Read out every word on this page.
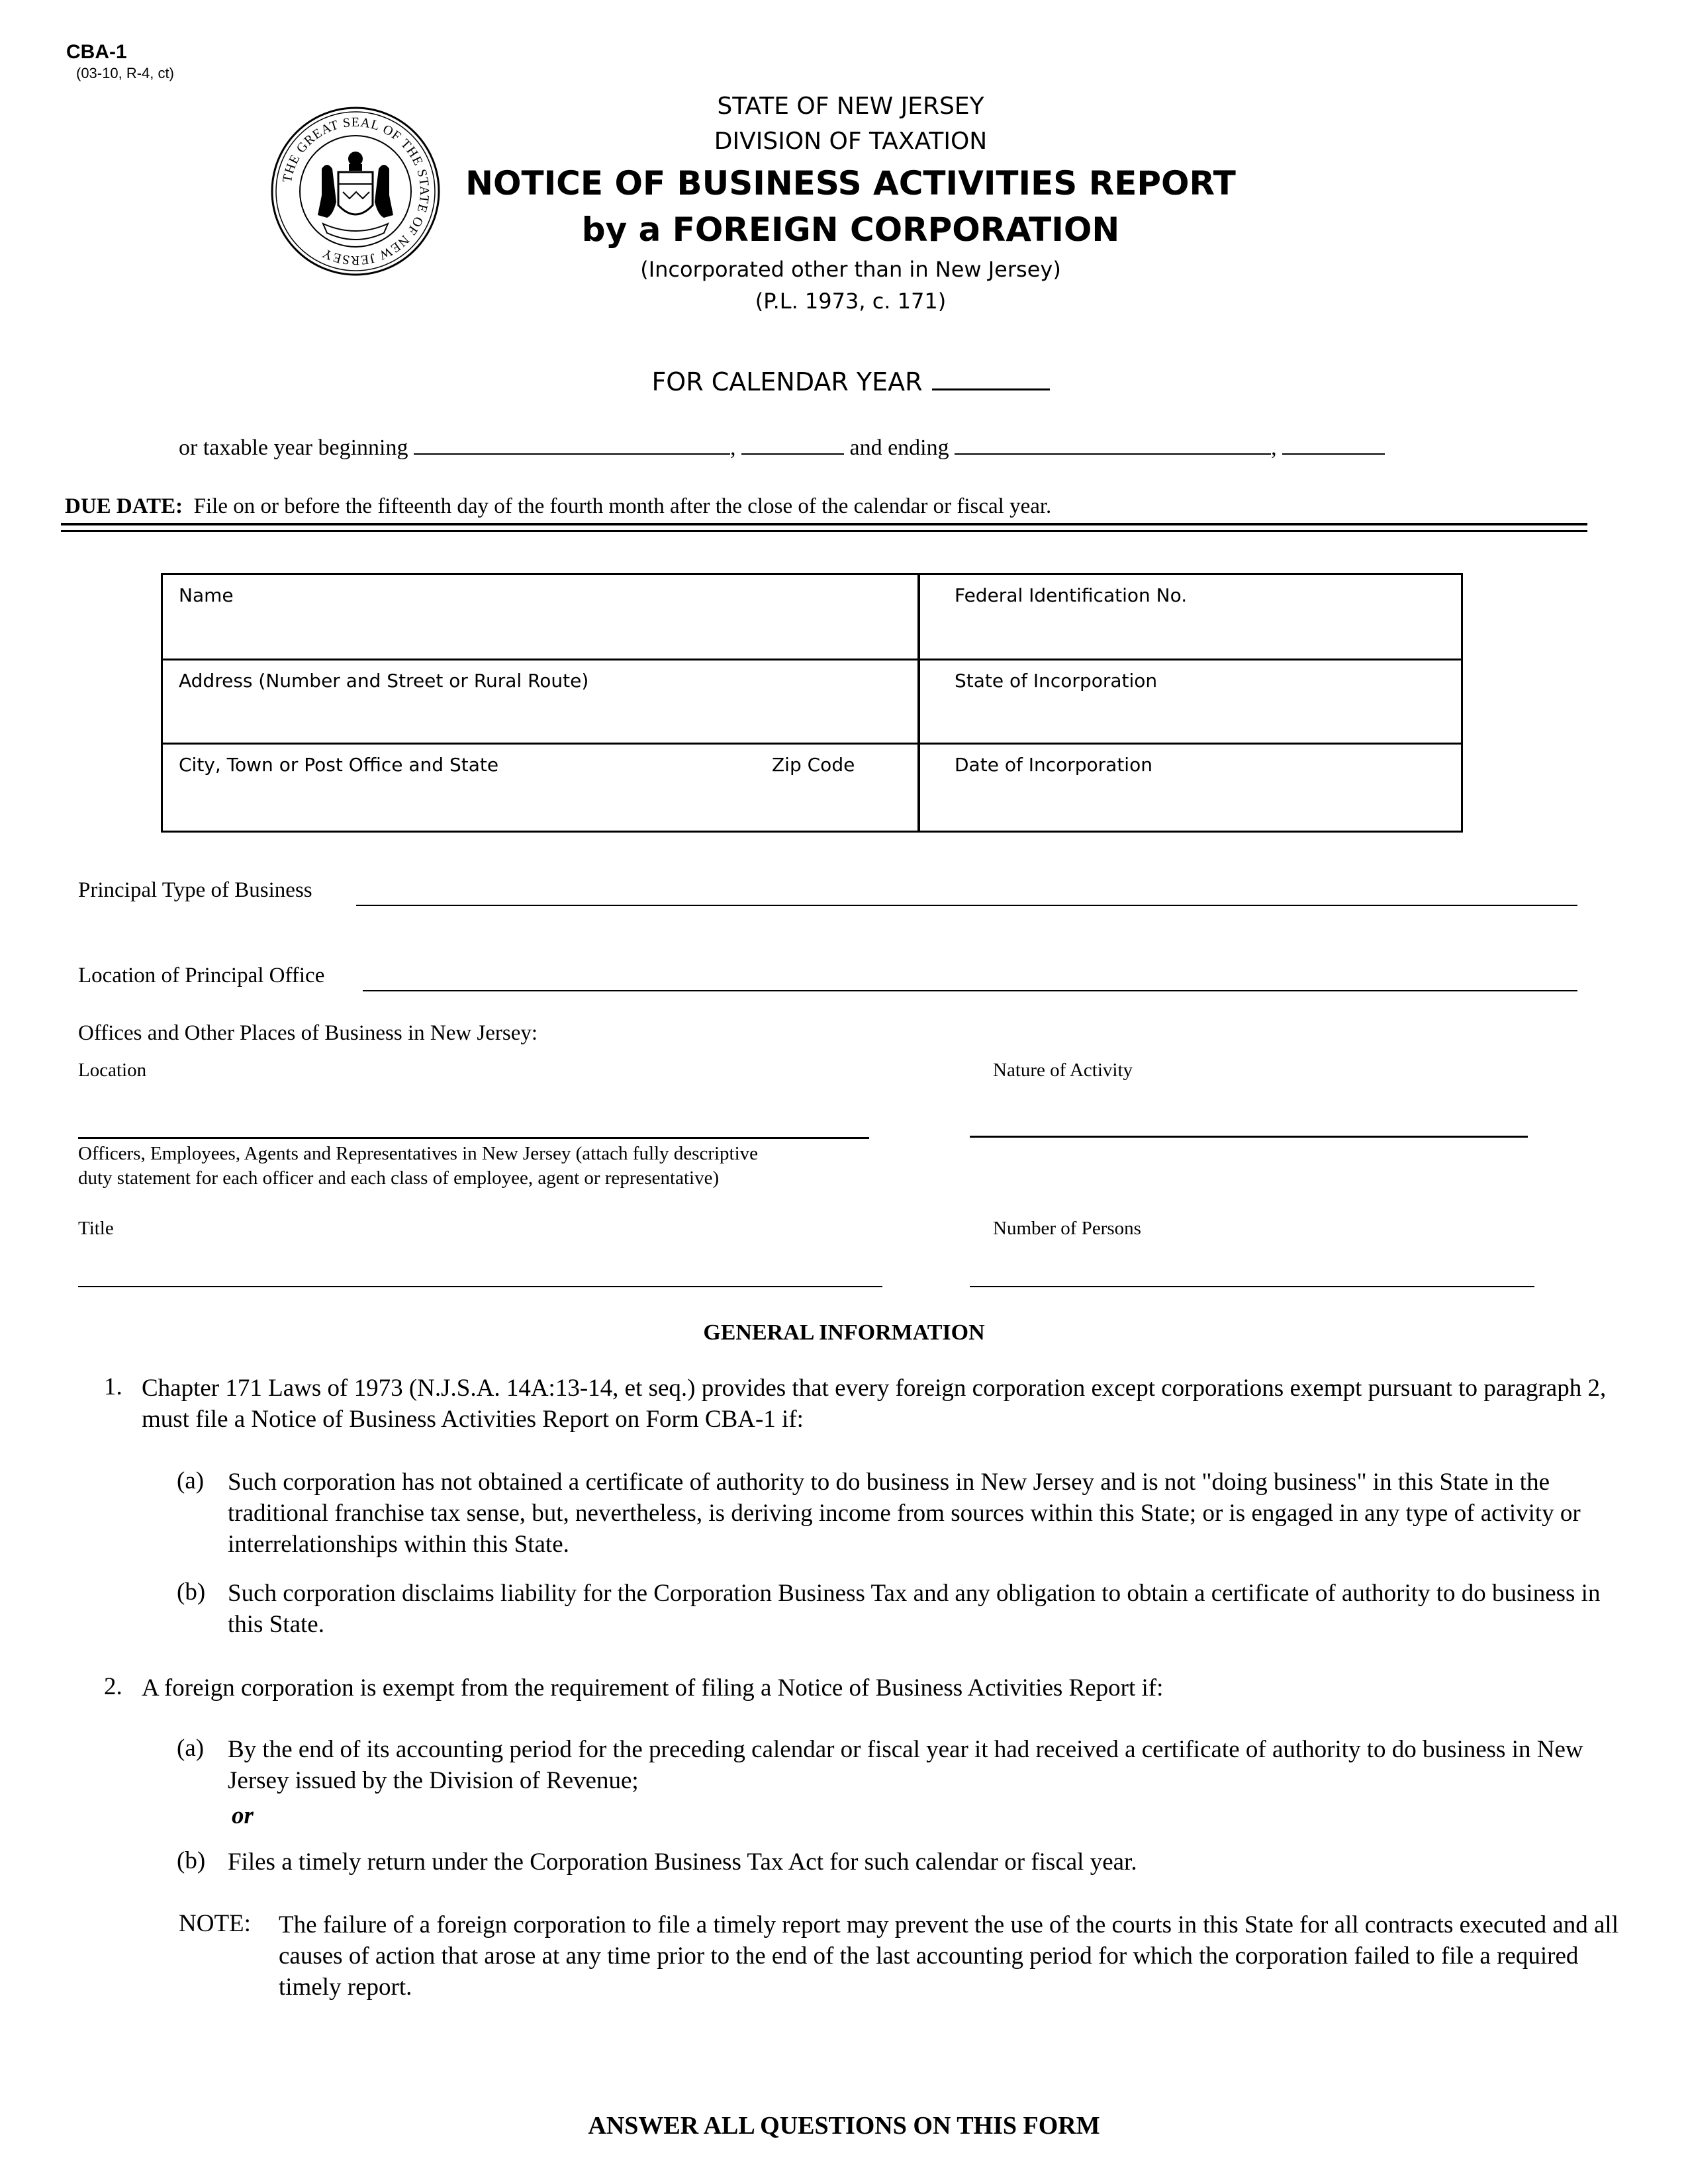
CBA-1
(03-10, R-4, ct)
THE GREAT SEAL OF THE STATE OF NEW JERSEY
STATE OF NEW JERSEY
DIVISION OF TAXATION
NOTICE OF BUSINESS ACTIVITIES REPORT
by a FOREIGN CORPORATION
(Incorporated other than in New Jersey)
(P.L. 1973, c. 171)
FOR CALENDAR YEAR
or taxable year beginning	,	and ending	,
DUE DATE: File on or before the fifteenth day of the fourth month after the close of the calendar or fiscal year.
Name	Federal Identification No.
Address (Number and Street or Rural Route)	State of Incorporation
City, Town or Post Office and State	Zip Code	Date of Incorporation
Principal Type of Business
Location of Principal Office
Offices and Other Places of Business in New Jersey:
Location	Nature of Activity
Officers, Employees, Agents and Representatives in New Jersey (attach fully descriptive
duty statement for each officer and each class of employee, agent or representative)
Title	Number of Persons
GENERAL INFORMATION
1. Chapter 171 Laws of 1973 (N.J.S.A. 14A:13-14, et seq.) provides that every foreign corporation except corporations exempt pursuant to paragraph 2, must file a Notice of Business Activities Report on Form CBA-1 if:
(a) Such corporation has not obtained a certificate of authority to do business in New Jersey and is not "doing business" in this State in the traditional franchise tax sense, but, nevertheless, is deriving income from sources within this State; or is engaged in any type of activity or interrelationships within this State.
(b) Such corporation disclaims liability for the Corporation Business Tax and any obligation to obtain a certificate of authority to do business in this State.
2. A foreign corporation is exempt from the requirement of filing a Notice of Business Activities Report if:
(a) By the end of its accounting period for the preceding calendar or fiscal year it had received a certificate of authority to do business in New Jersey issued by the Division of Revenue;
or
(b) Files a timely return under the Corporation Business Tax Act for such calendar or fiscal year.
NOTE: The failure of a foreign corporation to file a timely report may prevent the use of the courts in this State for all contracts executed and all causes of action that arose at any time prior to the end of the last accounting period for which the corporation failed to file a required timely report.
ANSWER ALL QUESTIONS ON THIS FORM
